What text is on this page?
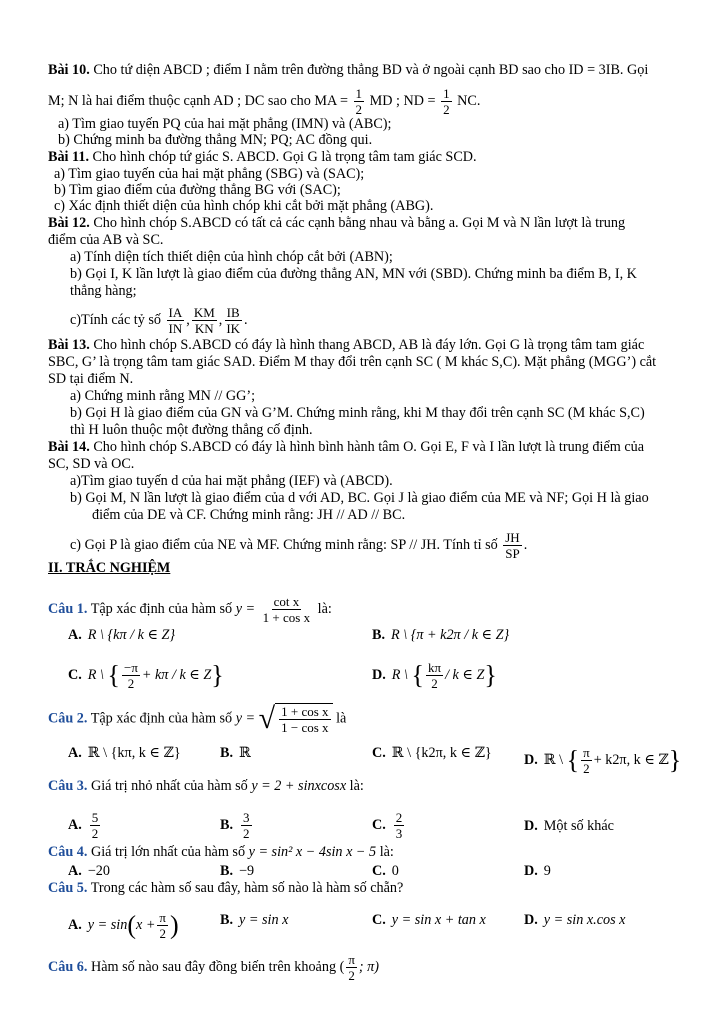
Bài 10. Cho tứ diện ABCD ; điểm I nằm trên đường thẳng BD và ở ngoài cạnh BD sao cho ID = 3IB. Gọi
M; N là hai điểm thuộc cạnh AD ; DC sao cho MA = $\frac{1}{2}$ MD ; ND = $\frac{1}{2}$ NC.
a) Tìm giao tuyến PQ của hai mặt phẳng (IMN) và (ABC);
b) Chứng minh ba đường thẳng MN; PQ; AC đồng qui.
Bài 11. Cho hình chóp tứ giác S. ABCD. Gọi G là trọng tâm tam giác SCD.
a) Tìm giao tuyến của hai mặt phẳng (SBG) và (SAC);
b) Tìm giao điểm của đường thẳng BG với (SAC);
c) Xác định thiết diện của hình chóp khi cắt bởi mặt phẳng (ABG).
Bài 12. Cho hình chóp S.ABCD có tất cả các cạnh bằng nhau và bằng a. Gọi M và N lần lượt là trung
điểm của AB và SC.
a) Tính diện tích thiết diện của hình chóp cắt bởi (ABN);
b) Gọi I, K lần lượt là giao điểm của đường thẳng AN, MN với (SBD). Chứng minh ba điểm B, I, K
thẳng hàng;
c)Tính các tỷ số $\frac{IA}{IN}$ , $\frac{KM}{KN}$ , $\frac{IB}{IK}$ .
Bài 13. Cho hình chóp S.ABCD có đáy là hình thang ABCD, AB là đáy lớn. Gọi G là trọng tâm tam giác
SBC, G’ là trọng tâm tam giác SAD. Điểm M thay đổi trên cạnh SC ( M khác S,C). Mặt phẳng (MGG’) cắt
SD tại điểm N.
a) Chứng minh rằng MN // GG’;
b) Gọi H là giao điểm của GN và G’M. Chứng minh rằng, khi M thay đổi trên cạnh SC (M khác S,C)
thì H luôn thuộc một đường thẳng cố định.
Bài 14. Cho hình chóp S.ABCD có đáy là hình bình hành tâm O. Gọi E, F và I lần lượt là trung điểm của
SC, SD và OC.
a)Tìm giao tuyến d của hai mặt phẳng (IEF) và (ABCD).
b) Gọi M, N lần lượt là giao điểm của d với AD, BC. Gọi J là giao điểm của ME và NF; Gọi H là giao
điểm của DE và CF. Chứng minh rằng: JH // AD // BC.
c) Gọi P là giao điểm của NE và MF. Chứng minh rằng: SP // JH. Tính tỉ số $\frac{JH}{SP}$ .
II. TRẮC NGHIỆM
Câu 1. Tập xác định của hàm số $y = \frac{\text{cot x}}{\text{1 + cos x}}$ là:
A. R \ {kπ / k ∈ Z}	B. R \ {π + k2π / k ∈ Z}
C. R \ { $\frac{-\pi}{2} + k\pi / k$ ∈ Z}	D. R \ { $\frac{k\pi}{2}$ / k ∈ Z}
Câu 2. Tập xác định của hàm số y = √ $\frac{\text{1 + cos x}}{\text{1 − cos x}}$ là
A. ℝ \ {kπ, k ∈ ℤ}	B. ℝ	C. ℝ \ {k2π, k ∈ ℤ} D. ℝ \ { $\frac{\pi}{2} + k2\pi$, k ∈ ℤ}
Câu 3. Giá trị nhỏ nhất của hàm số y = 2 + sinxcosx là:
A. $\frac{5}{2}$	B. $\frac{3}{2}$	C. $\frac{2}{3}$	D. Một số khác
Câu 4. Giá trị lớn nhất của hàm số y = sin² x − 4sin x − 5 là:
A. −20	B. −9	C. 0	D. 9
Câu 5. Trong các hàm số sau đây, hàm số nào là hàm số chẵn?
A. $y = \sin(x + \frac{\pi}{2}$ )	B. y = sin x	C. y = sin x + tan x	D. y = sin x.cos x
Câu 6. Hàm số nào sau đây đồng biến trên khoảng ( $\frac{\pi}{2}$ ; π)
